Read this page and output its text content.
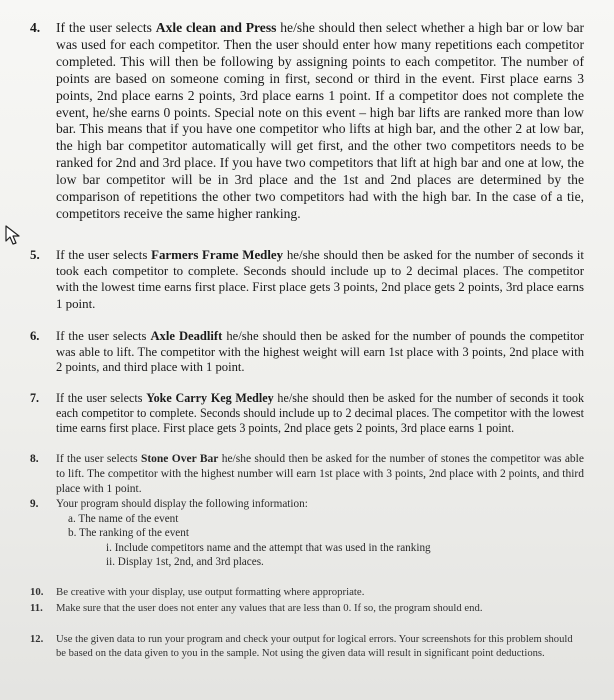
4. If the user selects Axle clean and Press he/she should then select whether a high bar or low bar was used for each competitor. Then the user should enter how many repetitions each competitor completed. This will then be following by assigning points to each competitor. The number of points are based on someone coming in first, second or third in the event. First place earns 3 points, 2nd place earns 2 points, 3rd place earns 1 point. If a competitor does not complete the event, he/she earns 0 points. Special note on this event – high bar lifts are ranked more than low bar. This means that if you have one competitor who lifts at high bar, and the other 2 at low bar, the high bar competitor automatically will get first, and the other two competitors needs to be ranked for 2nd and 3rd place. If you have two competitors that lift at high bar and one at low, the low bar competitor will be in 3rd place and the 1st and 2nd places are determined by the comparison of repetitions the other two competitors had with the high bar. In the case of a tie, competitors receive the same higher ranking.
5. If the user selects Farmers Frame Medley he/she should then be asked for the number of seconds it took each competitor to complete. Seconds should include up to 2 decimal places. The competitor with the lowest time earns first place. First place gets 3 points, 2nd place gets 2 points, 3rd place earns 1 point.
6. If the user selects Axle Deadlift he/she should then be asked for the number of pounds the competitor was able to lift. The competitor with the highest weight will earn 1st place with 3 points, 2nd place with 2 points, and third place with 1 point.
7. If the user selects Yoke Carry Keg Medley he/she should then be asked for the number of seconds it took each competitor to complete. Seconds should include up to 2 decimal places. The competitor with the lowest time earns first place. First place gets 3 points, 2nd place gets 2 points, 3rd place earns 1 point.
8. If the user selects Stone Over Bar he/she should then be asked for the number of stones the competitor was able to lift. The competitor with the highest number will earn 1st place with 3 points, 2nd place with 2 points, and third place with 1 point.
9. Your program should display the following information:
a. The name of the event
b. The ranking of the event
i. Include competitors name and the attempt that was used in the ranking
ii. Display 1st, 2nd, and 3rd places.
10. Be creative with your display, use output formatting where appropriate.
11. Make sure that the user does not enter any values that are less than 0. If so, the program should end.
12. Use the given data to run your program and check your output for logical errors. Your screenshots for this problem should be based on the data given to you in the sample. Not using the given data will result in significant point deductions.
